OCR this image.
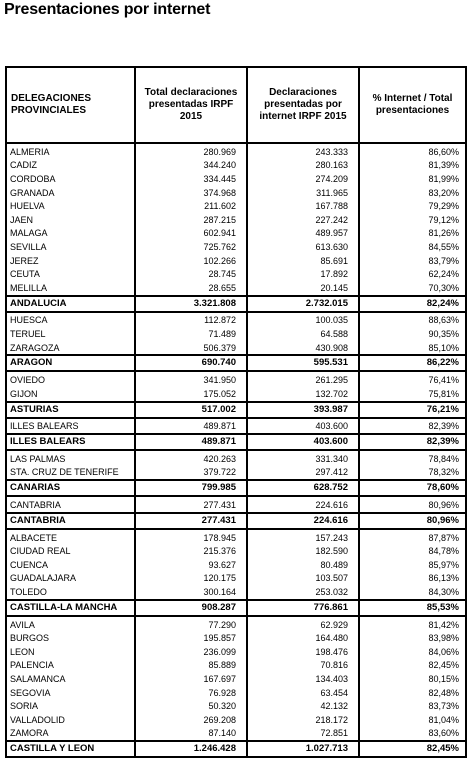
Presentaciones por internet
DELEGACIONES PROVINCIALES	Total declaraciones presentadas IRPF 2015	Declaraciones presentadas por internet IRPF 2015	% Internet / Total presentaciones
ALMERIA	280.969	243.333	86,60%
CADIZ	344.240	280.163	81,39%
CORDOBA	334.445	274.209	81,99%
GRANADA	374.968	311.965	83,20%
HUELVA	211.602	167.788	79,29%
JAEN	287.215	227.242	79,12%
MALAGA	602.941	489.957	81,26%
SEVILLA	725.762	613.630	84,55%
JEREZ	102.266	85.691	83,79%
CEUTA	28.745	17.892	62,24%
MELILLA	28.655	20.145	70,30%
ANDALUCIA	3.321.808	2.732.015	82,24%
HUESCA	112.872	100.035	88,63%
TERUEL	71.489	64.588	90,35%
ZARAGOZA	506.379	430.908	85,10%
ARAGON	690.740	595.531	86,22%
OVIEDO	341.950	261.295	76,41%
GIJON	175.052	132.702	75,81%
ASTURIAS	517.002	393.987	76,21%
ILLES BALEARS	489.871	403.600	82,39%
ILLES BALEARS	489.871	403.600	82,39%
LAS PALMAS	420.263	331.340	78,84%
STA. CRUZ DE TENERIFE	379.722	297.412	78,32%
CANARIAS	799.985	628.752	78,60%
CANTABRIA	277.431	224.616	80,96%
CANTABRIA	277.431	224.616	80,96%
ALBACETE	178.945	157.243	87,87%
CIUDAD REAL	215.376	182.590	84,78%
CUENCA	93.627	80.489	85,97%
GUADALAJARA	120.175	103.507	86,13%
TOLEDO	300.164	253.032	84,30%
CASTILLA-LA MANCHA	908.287	776.861	85,53%
AVILA	77.290	62.929	81,42%
BURGOS	195.857	164.480	83,98%
LEON	236.099	198.476	84,06%
PALENCIA	85.889	70.816	82,45%
SALAMANCA	167.697	134.403	80,15%
SEGOVIA	76.928	63.454	82,48%
SORIA	50.320	42.132	83,73%
VALLADOLID	269.208	218.172	81,04%
ZAMORA	87.140	72.851	83,60%
CASTILLA Y LEON	1.246.428	1.027.713	82,45%
